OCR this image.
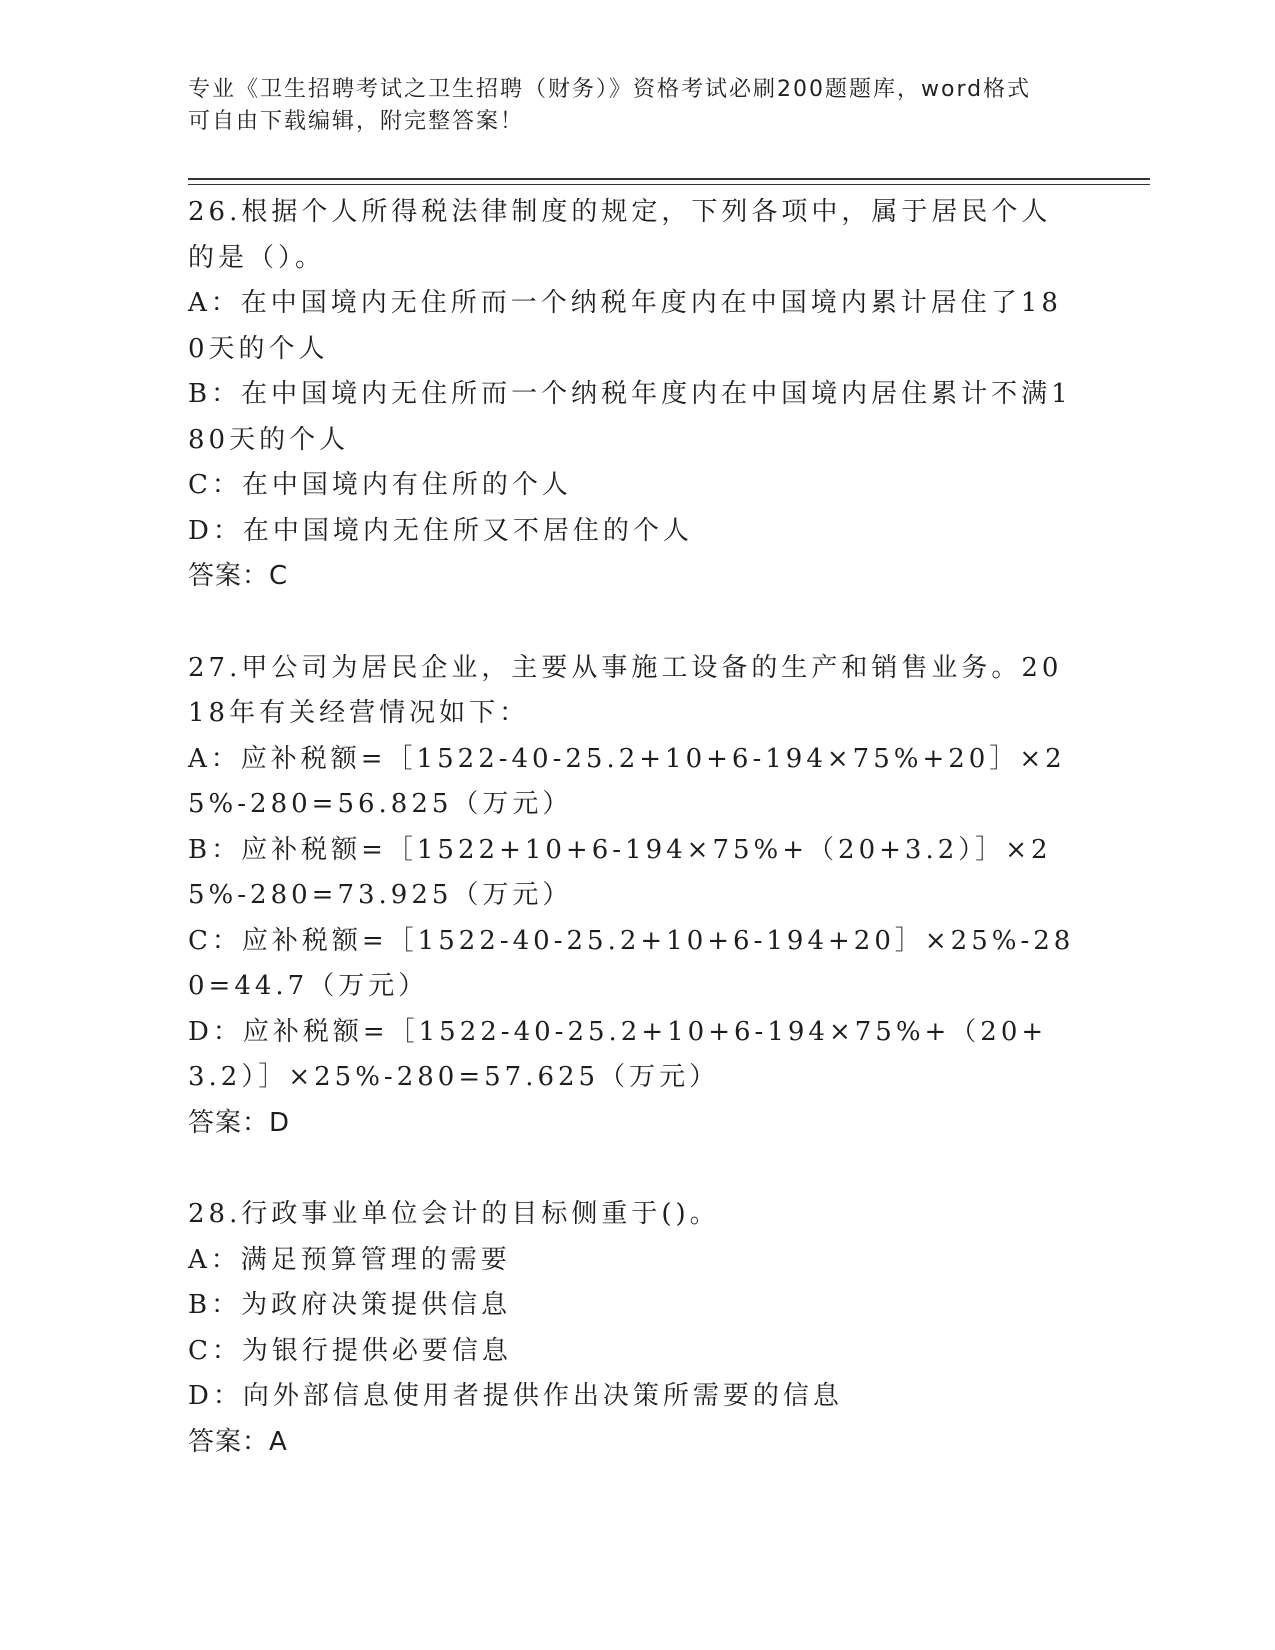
专业《卫生招聘考试之卫生招聘（财务）》资格考试必刷200题题库，word格式
可自由下载编辑，附完整答案！

26.根据个人所得税法律制度的规定，下列各项中，属于居民个人的是（）。

A：在中国境内无住所而一个纳税年度内在中国境内累计居住了180天的个人

B：在中国境内无住所而一个纳税年度内在中国境内居住累计不满180天的个人

C：在中国境内有住所的个人

D：在中国境内无住所又不居住的个人

答案：C

27.甲公司为居民企业，主要从事施工设备的生产和销售业务。2018年有关经营情况如下：

A：应补税额=［1522-40-25.2+10+6-194×75%+20］×25%-280=56.825（万元）

B：应补税额=［1522+10+6-194×75%+（20+3.2）］×25%-280=73.925（万元）

C：应补税额=［1522-40-25.2+10+6-194+20］×25%-280=44.7（万元）

D：应补税额=［1522-40-25.2+10+6-194×75%+（20+3.2）］×25%-280=57.625（万元）

答案：D

28.行政事业单位会计的目标侧重于()。

A：满足预算管理的需要

B：为政府决策提供信息

C：为银行提供必要信息

D：向外部信息使用者提供作出决策所需要的信息

答案：A
